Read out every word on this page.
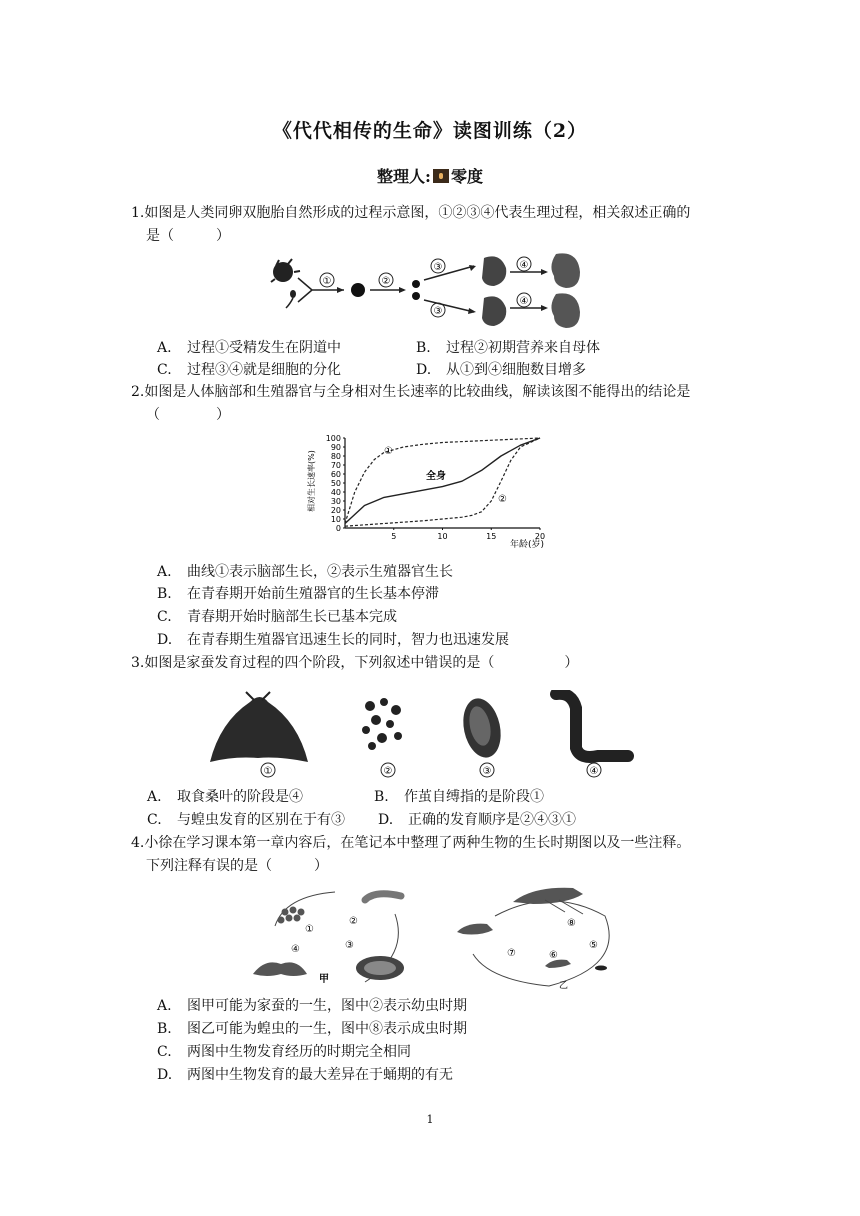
《代代相传的生命》读图训练（2）
整理人: 零度
1.如图是人类同卵双胞胎自然形成的过程示意图，①②③④代表生理过程，相关叙述正确的
是（　　　）
①	②
③
③
④
④
A. 过程①受精发生在阴道中	B. 过程②初期营养来自母体
C. 过程③④就是细胞的分化	D. 从①到④细胞数目增多
2.如图是人体脑部和生殖器官与全身相对生长速率的比较曲线，解读该图不能得出的结论是
（　　　　）
相对生长速率(%)
0
10
20
30
40
50
60
70
80
90
100
5	10	15	20
年龄(岁)
①
全身
②
A. 曲线①表示脑部生长，②表示生殖器官生长
B. 在青春期开始前生殖器官的生长基本停滞
C. 青春期开始时脑部生长已基本完成
D. 在青春期生殖器官迅速生长的同时，智力也迅速发展
3.如图是家蚕发育过程的四个阶段，下列叙述中错误的是（　　　　　）
①	②	③	④
A. 取食桑叶的阶段是④	B. 作茧自缚指的是阶段①
C. 与蝗虫发育的区别在于有③ D. 正确的发育顺序是②④③①
4.小徐在学习课本第一章内容后，在笔记本中整理了两种生物的生长时期图以及一些注释。
下列注释有误的是（　　　）
①
②
③
④
甲
⑧
⑤
⑥
⑦
乙
A. 图甲可能为家蚕的一生，图中②表示幼虫时期
B. 图乙可能为蝗虫的一生，图中⑧表示成虫时期
C. 两图中生物发育经历的时期完全相同
D. 两图中生物发育的最大差异在于蛹期的有无
1
